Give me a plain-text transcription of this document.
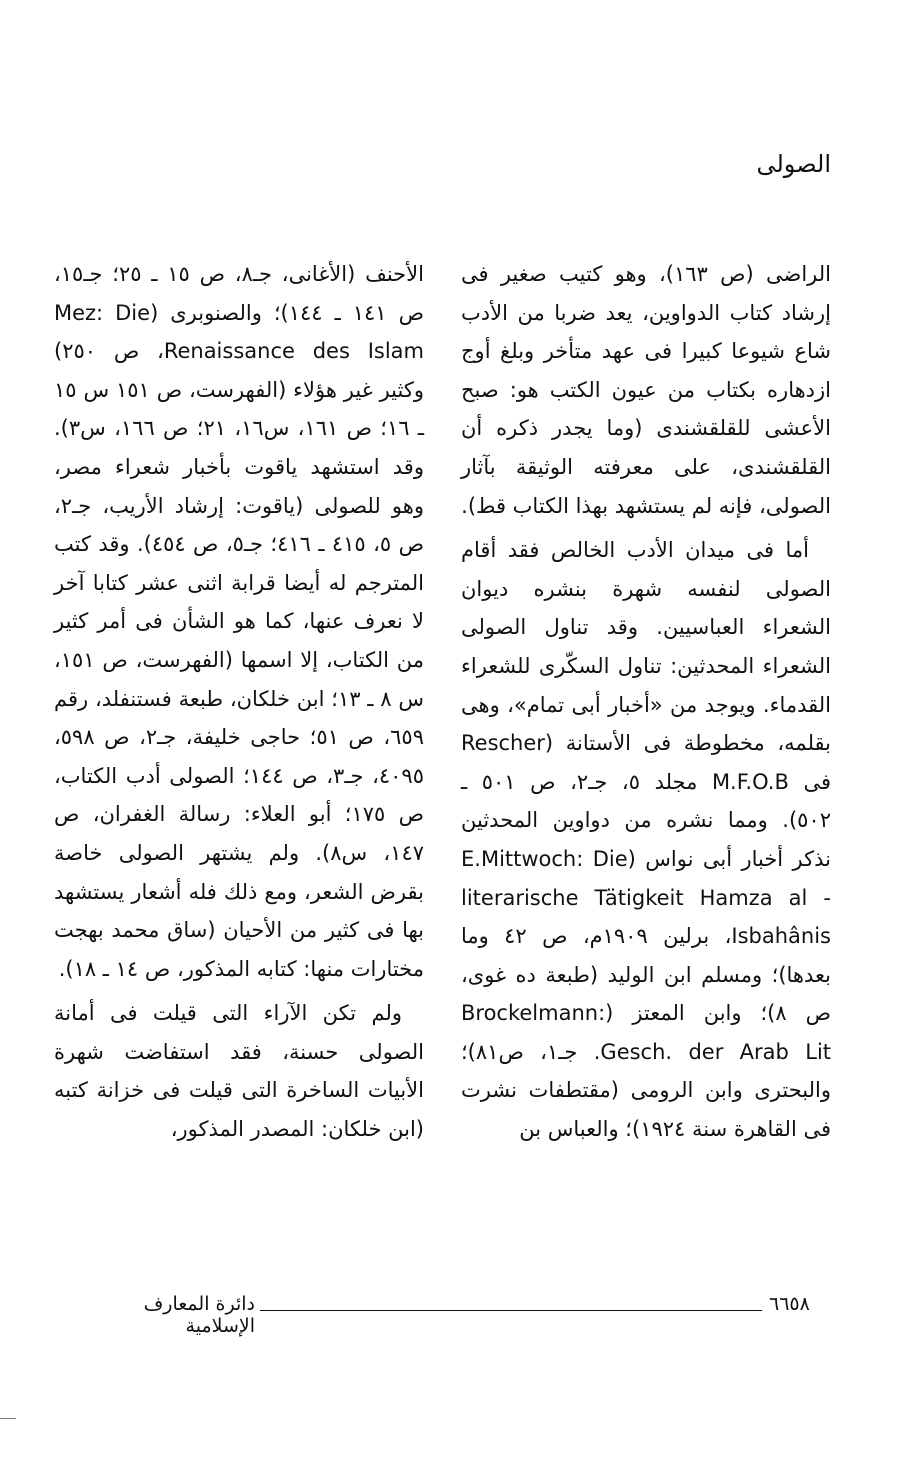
الصولى

الراضى (ص ١٦٣)، وهو كتيب صغير فى إرشاد كتاب الدواوين، يعد ضربا من الأدب شاع شيوعا كبيرا فى عهد متأخر وبلغ أوج ازدهاره بكتاب من عيون الكتب هو: صبح الأعشى للقلقشندى (وما يجدر ذكره أن القلقشندى، على معرفته الوثيقة بآثار الصولى، فإنه لم يستشهد بهذا الكتاب قط).

أما فى ميدان الأدب الخالص فقد أقام الصولى لنفسه شهرة بنشره ديوان الشعراء العباسيين. وقد تناول الصولى الشعراء المحدثين: تناول السكّرى للشعراء القدماء. ويوجد من «أخبار أبى تمام»، وهى بقلمه، مخطوطة فى الأستانة (Rescher فى M.F.O.B مجلد ٥، جـ٢، ص ٥٠١ ـ ٥٠٢). ومما نشره من دواوين المحدثين نذكر أخبار أبى نواس (E.Mittwoch: Die literarische Tätigkeit Hamza al - Isbahânis، برلين ١٩٠٩م، ص ٤٢ وما بعدها)؛ ومسلم ابن الوليد (طبعة ده غوى، ص ٨)؛ وابن المعتز (Brockelmann: Gesch. der Arab Lit. جـ١، ص٨١)؛ والبحترى وابن الرومى (مقتطفات نشرت فى القاهرة سنة ١٩٢٤)؛ والعباس بن

الأحنف (الأغانى، جـ٨، ص ١٥ ـ ٢٥؛ جـ١٥، ص ١٤١ ـ ١٤٤)؛ والصنوبرى (Mez: Die Renaissance des Islam، ص ٢٥٠) وكثير غير هؤلاء (الفهرست، ص ١٥١ س ١٥ ـ ١٦؛ ص ١٦١، س١٦، ٢١؛ ص ١٦٦، س٣). وقد استشهد ياقوت بأخبار شعراء مصر، وهو للصولى (ياقوت: إرشاد الأريب، جـ٢، ص ٥، ٤١٥ ـ ٤١٦؛ جـ٥، ص ٤٥٤). وقد كتب المترجم له أيضا قرابة اثنى عشر كتابا آخر لا نعرف عنها، كما هو الشأن فى أمر كثير من الكتاب، إلا اسمها (الفهرست، ص ١٥١، س ٨ ـ ١٣؛ ابن خلكان، طبعة فستنفلد، رقم ٦٥٩، ص ٥١؛ حاجى خليفة، جـ٢، ص ٥٩٨، ٤٠٩٥، جـ٣، ص ١٤٤؛ الصولى أدب الكتاب، ص ١٧٥؛ أبو العلاء: رسالة الغفران، ص ١٤٧، س٨). ولم يشتهر الصولى خاصة بقرض الشعر، ومع ذلك فله أشعار يستشهد بها فى كثير من الأحيان (ساق محمد بهجت مختارات منها: كتابه المذكور، ص ١٤ ـ ١٨).

ولم تكن الآراء التى قيلت فى أمانة الصولى حسنة، فقد استفاضت شهرة الأبيات الساخرة التى قيلت فى خزانة كتبه (ابن خلكان: المصدر المذكور،

دائرة المعارف الإسلامية
٦٦٥٨
